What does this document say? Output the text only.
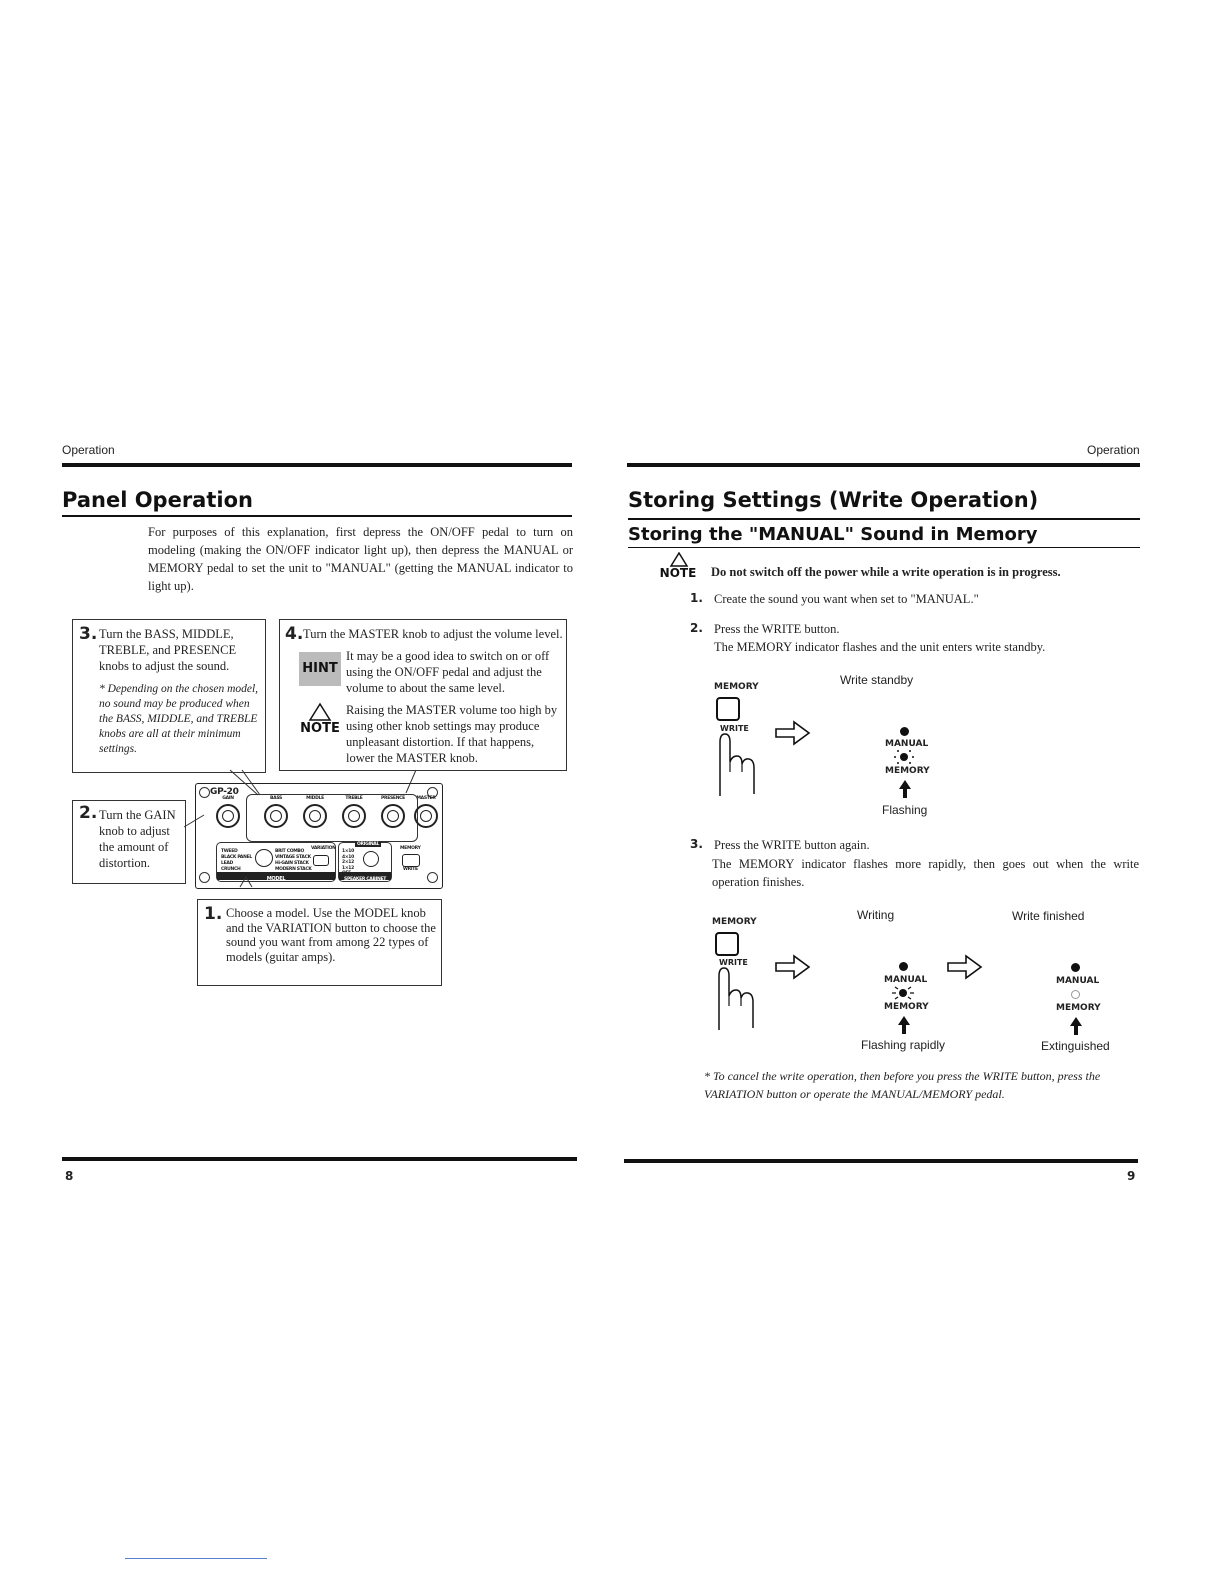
Operation
Panel Operation
For purposes of this explanation, first depress the ON/OFF pedal to turn on modeling (making the ON/OFF indicator light up), then depress the MANUAL or MEMORY pedal to set the unit to "MANUAL" (getting the MANUAL indicator to light up).
3. Turn the BASS, MIDDLE, TREBLE, and PRESENCE knobs to adjust the sound.

* Depending on the chosen model, no sound may be produced when the BASS, MIDDLE, and TREBLE knobs are all at their minimum settings.

4. Turn the MASTER knob to adjust the volume level.

HINT

It may be a good idea to switch on or off using the ON/OFF pedal and adjust the volume to about the same level.

NOTE

Raising the MASTER volume too high by using other knob settings may produce unpleasant distortion. If that happens, lower the MASTER knob.

2. Turn the GAIN knob to adjust the amount of distortion.

GP-20
GAIN	BASS	MIDDLE	TREBLE	PRESENCE	MASTER
TWEED
BLACK PANEL
LEAD
CRUNCH
BRIT COMBO
VINTAGE STACK
Hi-GAIN STACK
MODERN STACK
VARIATION
MODEL
ORIGINAL
1×10
4×10
2×12
1×12
SPEAKER CABINET
MEMORY
WRITE
1. Choose a model. Use the MODEL knob and the VARIATION button to choose the sound you want from among 22 types of models (guitar amps).

8
Operation
Storing Settings (Write Operation)
Storing the "MANUAL" Sound in Memory
NOTE Do not switch off the power while a write operation is in progress.
1. Create the sound you want when set to "MANUAL."
2. Press the WRITE button.
The MEMORY indicator flashes and the unit enters write standby.
MEMORY
WRITE
Write standby
MANUAL
MEMORY
Flashing
3. Press the WRITE button again.
The MEMORY indicator flashes more rapidly, then goes out when the write operation finishes.
MEMORY
WRITE
Writing
MANUAL
MEMORY
Flashing rapidly
Write finished
MANUAL
MEMORY
Extinguished
* To cancel the write operation, then before you press the WRITE button, press the VARIATION button or operate the MANUAL/MEMORY pedal.
9
